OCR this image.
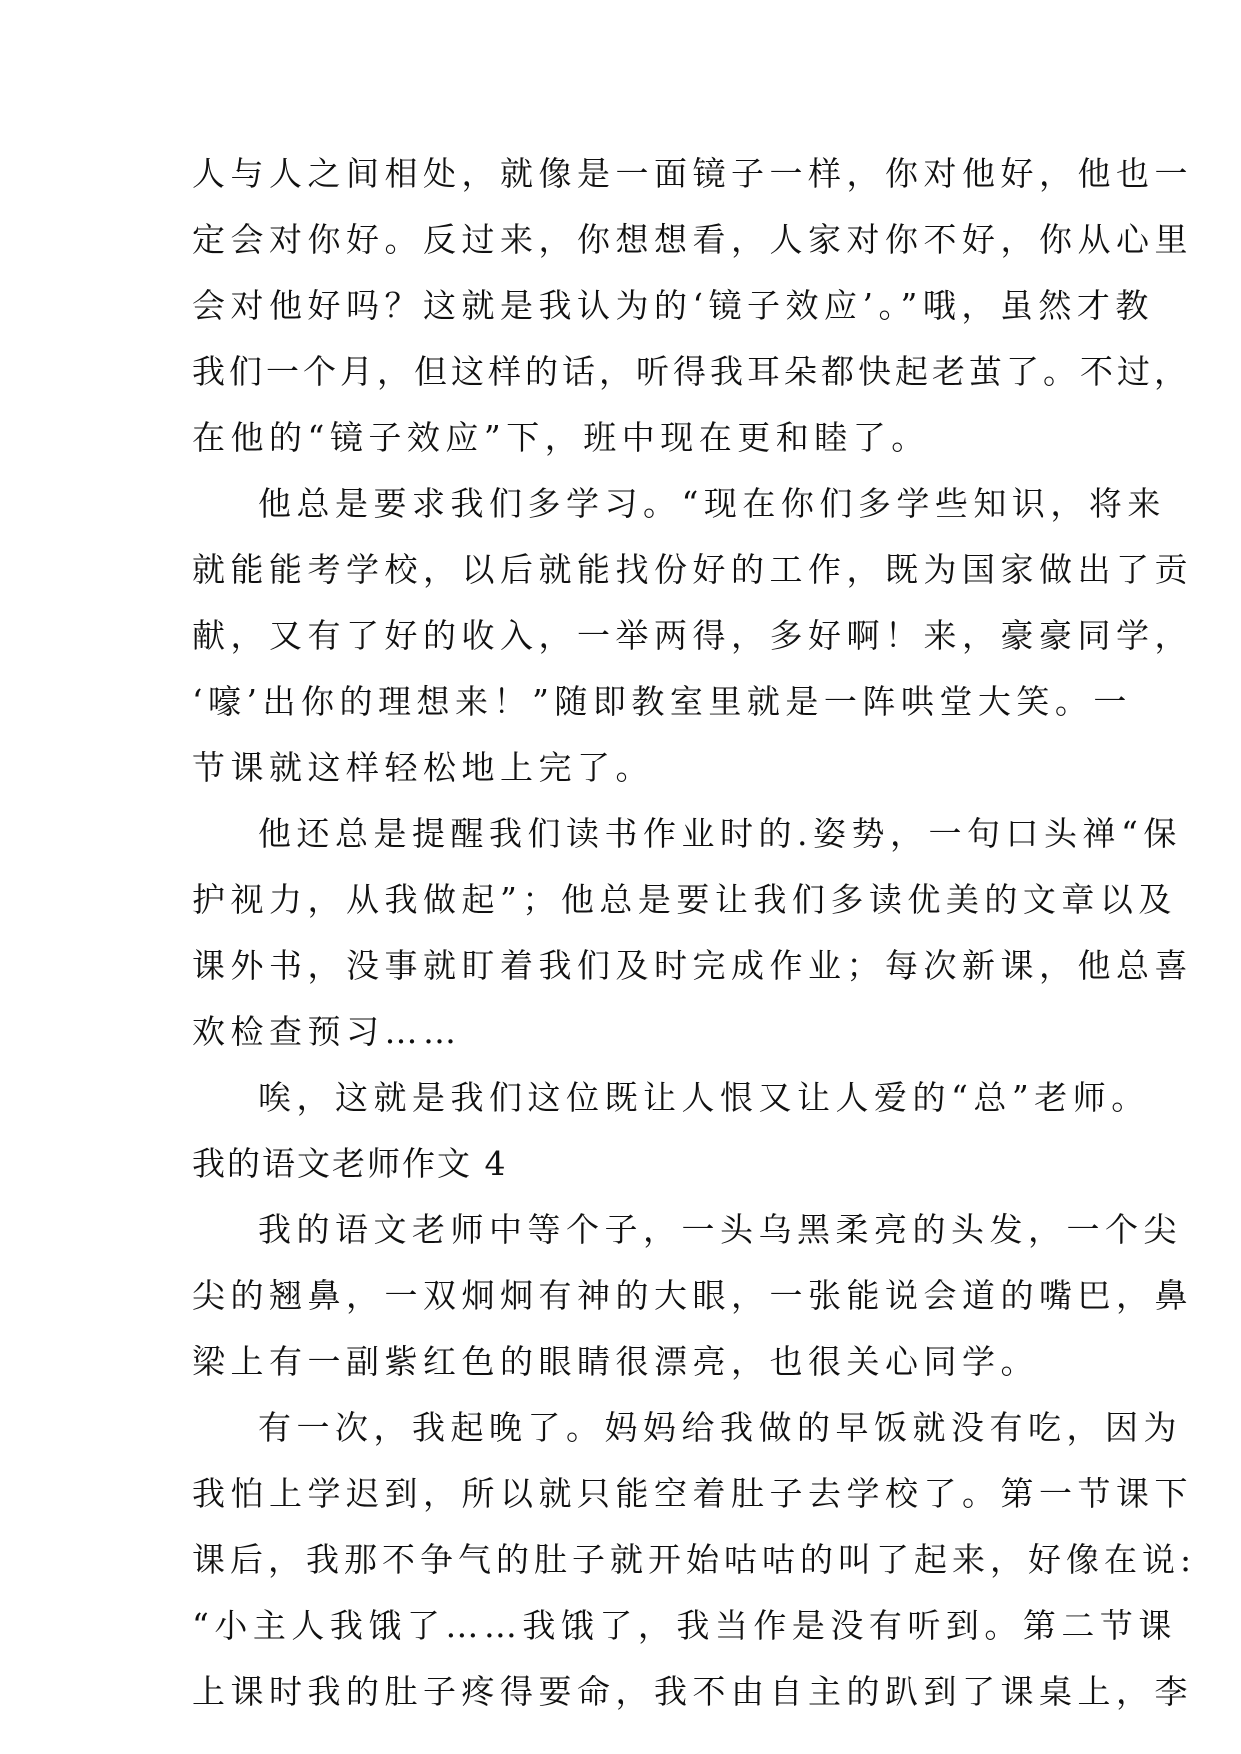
人与人之间相处，就像是一面镜子一样，你对他好，他也一
定会对你好。反过来，你想想看，人家对你不好，你从心里
会对他好吗？这就是我认为的‘镜子效应’。”哦，虽然才教
我们一个月，但这样的话，听得我耳朵都快起老茧了。不过，
在他的“镜子效应”下，班中现在更和睦了。
他总是要求我们多学习。“现在你们多学些知识，将来
就能能考学校，以后就能找份好的工作，既为国家做出了贡
献，又有了好的收入，一举两得，多好啊！来，豪豪同学，
‘嚎’出你的理想来！”随即教室里就是一阵哄堂大笑。一
节课就这样轻松地上完了。
他还总是提醒我们读书作业时的.姿势，一句口头禅“保
护视力，从我做起”；他总是要让我们多读优美的文章以及
课外书，没事就盯着我们及时完成作业；每次新课，他总喜
欢检查预习……
唉，这就是我们这位既让人恨又让人爱的“总”老师。
我的语文老师作文 4
我的语文老师中等个子，一头乌黑柔亮的头发，一个尖
尖的翘鼻，一双炯炯有神的大眼，一张能说会道的嘴巴，鼻
梁上有一副紫红色的眼睛很漂亮，也很关心同学。
有一次，我起晚了。妈妈给我做的早饭就没有吃，因为
我怕上学迟到，所以就只能空着肚子去学校了。第一节课下
课后，我那不争气的肚子就开始咕咕的叫了起来，好像在说:
“小主人我饿了……我饿了，我当作是没有听到。第二节课
上课时我的肚子疼得要命，我不由自主的趴到了课桌上，李
